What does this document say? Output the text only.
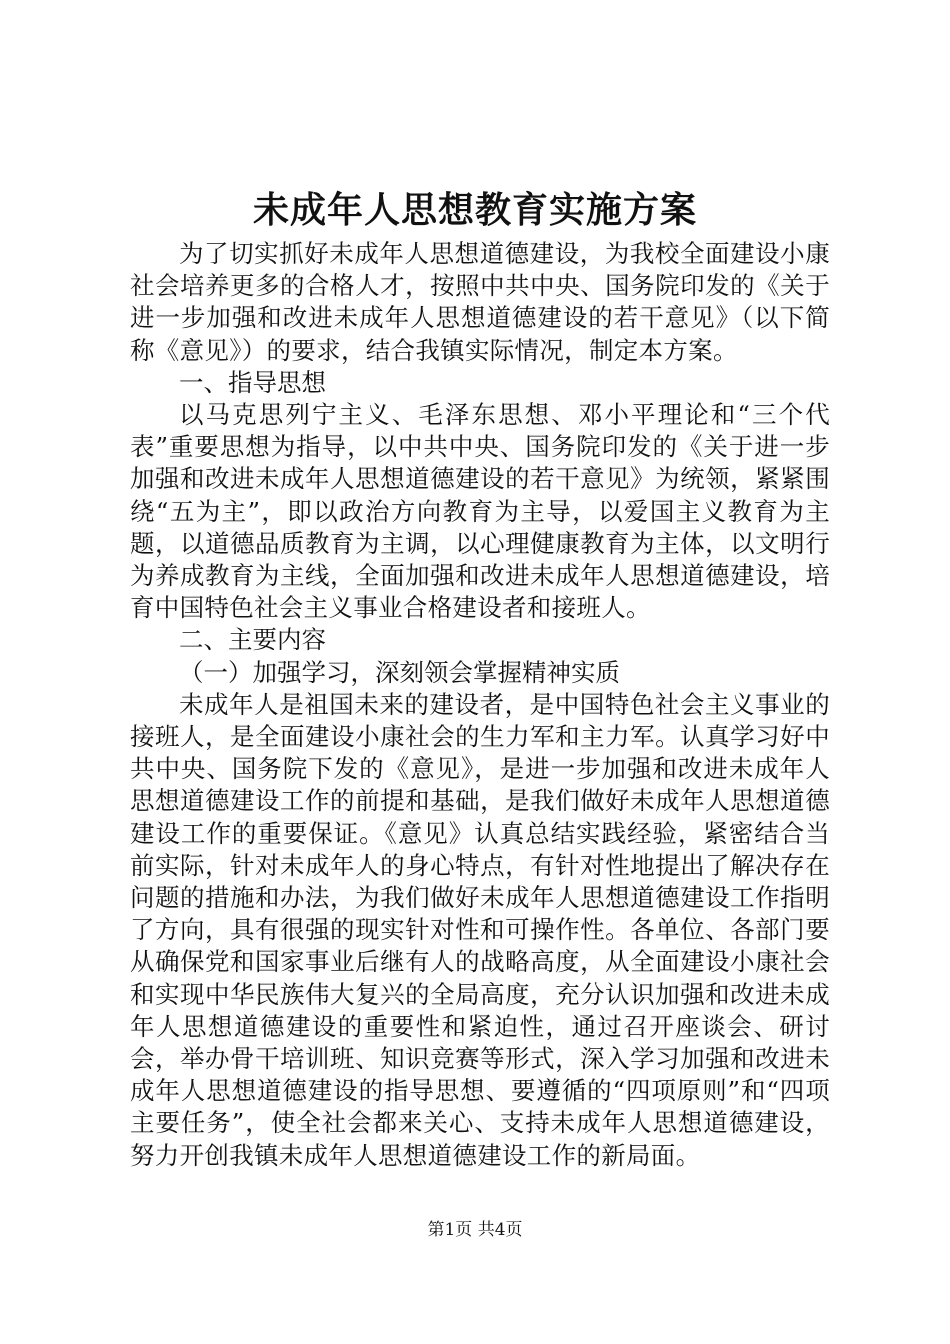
未成年人思想教育实施方案

为了切实抓好未成年人思想道德建设，为我校全面建设小康社会培养更多的合格人才，按照中共中央、国务院印发的《关于进一步加强和改进未成年人思想道德建设的若干意见》（以下简称《意见》）的要求，结合我镇实际情况，制定本方案。

一、指导思想

以马克思列宁主义、毛泽东思想、邓小平理论和“三个代表”重要思想为指导，以中共中央、国务院印发的《关于进一步加强和改进未成年人思想道德建设的若干意见》为统领，紧紧围绕“五为主”，即以政治方向教育为主导，以爱国主义教育为主题，以道德品质教育为主调，以心理健康教育为主体，以文明行为养成教育为主线，全面加强和改进未成年人思想道德建设，培育中国特色社会主义事业合格建设者和接班人。

二、主要内容

（一）加强学习，深刻领会掌握精神实质

未成年人是祖国未来的建设者，是中国特色社会主义事业的接班人，是全面建设小康社会的生力军和主力军。认真学习好中共中央、国务院下发的《意见》，是进一步加强和改进未成年人思想道德建设工作的前提和基础，是我们做好未成年人思想道德建设工作的重要保证。《意见》认真总结实践经验，紧密结合当前实际，针对未成年人的身心特点，有针对性地提出了解决存在问题的措施和办法，为我们做好未成年人思想道德建设工作指明了方向，具有很强的现实针对性和可操作性。各单位、各部门要从确保党和国家事业后继有人的战略高度，从全面建设小康社会和实现中华民族伟大复兴的全局高度，充分认识加强和改进未成年人思想道德建设的重要性和紧迫性，通过召开座谈会、研讨会，举办骨干培训班、知识竞赛等形式，深入学习加强和改进未成年人思想道德建设的指导思想、要遵循的“四项原则”和“四项主要任务”，使全社会都来关心、支持未成年人思想道德建设，努力开创我镇未成年人思想道德建设工作的新局面。

第1页 共4页
